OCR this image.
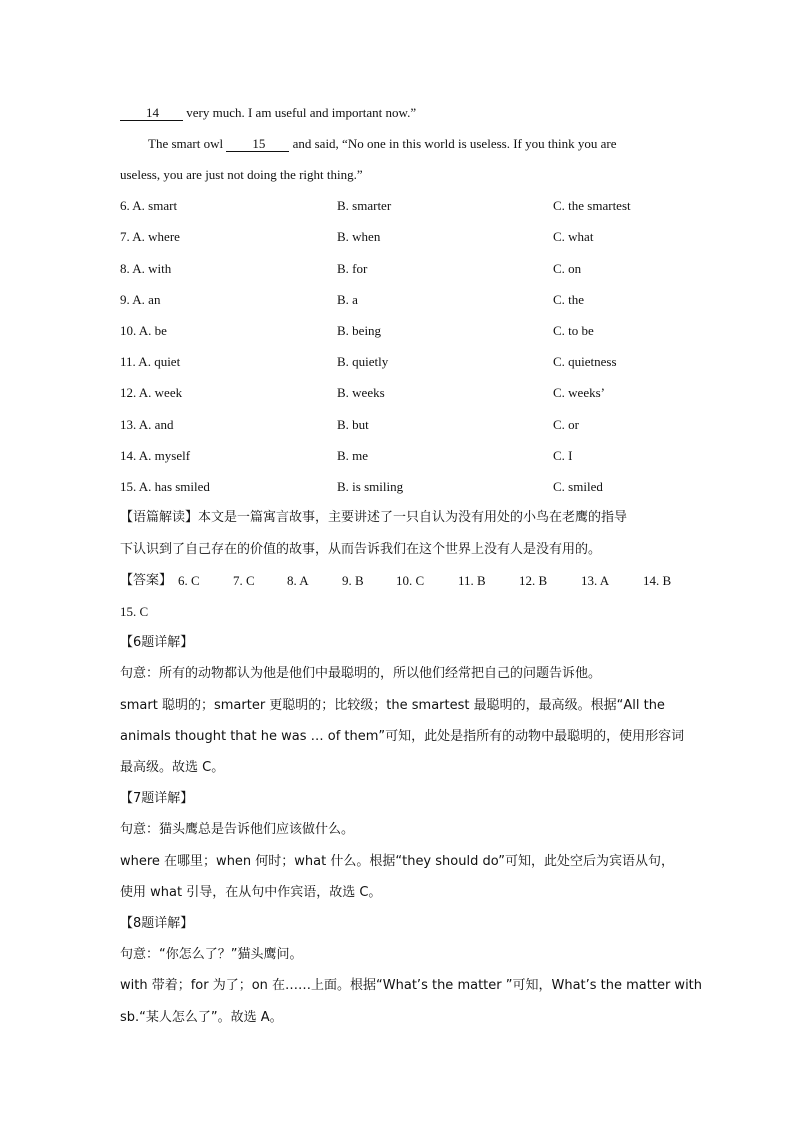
14 very much. I am useful and important now.”
The smart owl 15 and said, “No one in this world is useless. If you think you are
useless, you are just not doing the right thing.”
6. A. smart	B. smarter	C. the smartest
7. A. where	B. when	C. what
8. A. with	B. for	C. on
9. A. an	B. a	C. the
10. A. be	B. being	C. to be
11. A. quiet	B. quietly	C. quietness
12. A. week	B. weeks	C. weeks’
13. A. and	B. but	C. or
14. A. myself	B. me	C. I
15. A. has smiled	B. is smiling	C. smiled
【语篇解读】本文是一篇寓言故事，主要讲述了一只自认为没有用处的小鸟在老鹰的指导
下认识到了自己存在的价值的故事，从而告诉我们在这个世界上没有人是没有用的。
【答案】 6. C	7. C 8. A	9. B 10. C	11. B	12. B	13. A	14. B
15. C
【6题详解】
句意：所有的动物都认为他是他们中最聪明的，所以他们经常把自己的问题告诉他。
smart 聪明的；smarter 更聪明的；比较级；the smartest 最聪明的，最高级。根据“All the
animals thought that he was … of them”可知，此处是指所有的动物中最聪明的，使用形容词
最高级。故选 C。
【7题详解】
句意：猫头鹰总是告诉他们应该做什么。
where 在哪里；when 何时；what 什么。根据“they should do”可知，此处空后为宾语从句，
使用 what 引导，在从句中作宾语，故选 C。
【8题详解】
句意：“你怎么了？”猫头鹰问。
with 带着；for 为了；on 在……上面。根据“What’s the matter ”可知，What’s the matter with
sb.“某人怎么了”。故选 A。
